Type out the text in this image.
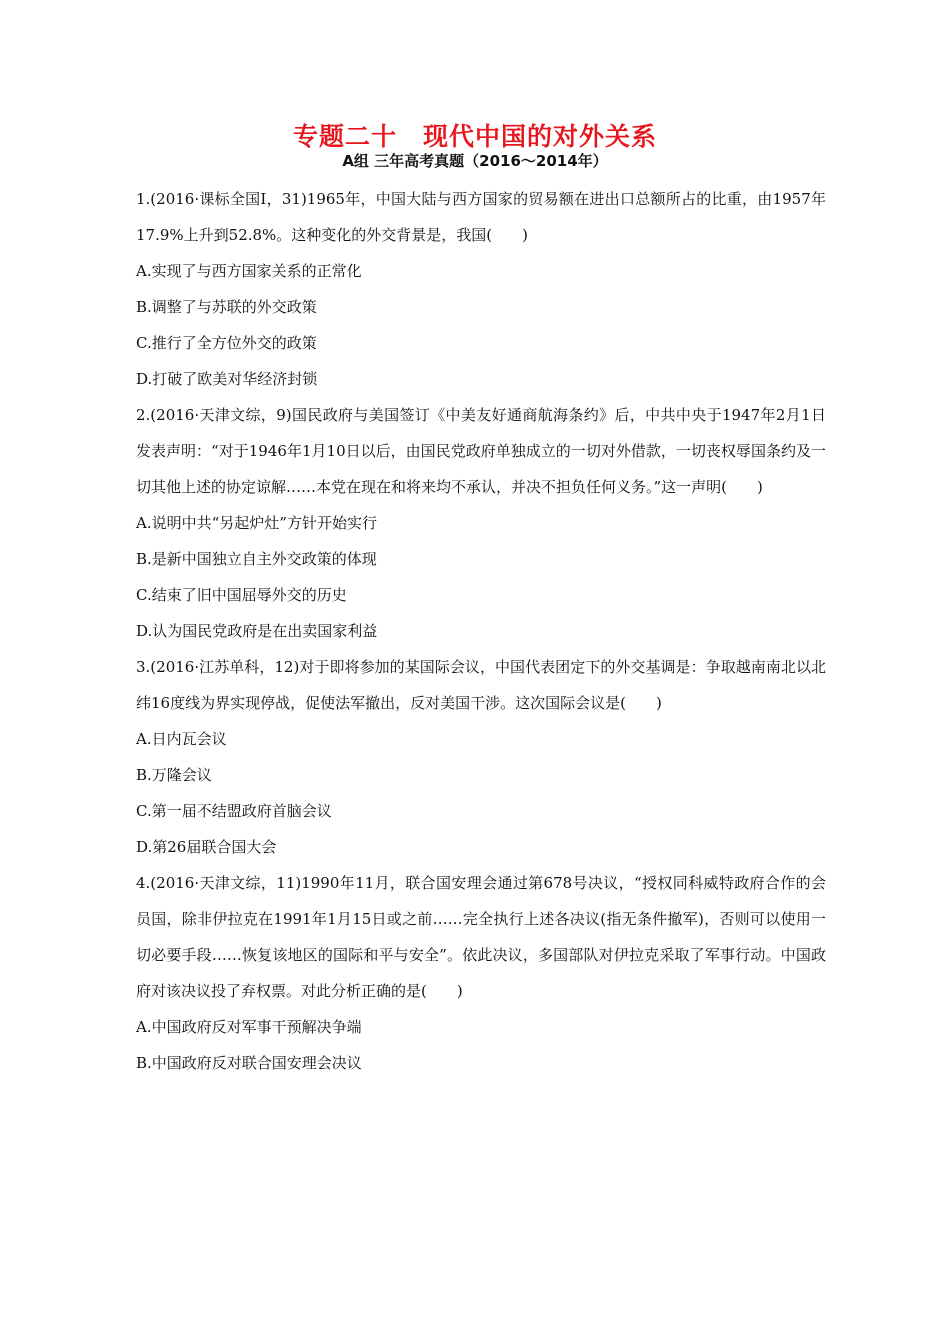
专题二十　现代中国的对外关系
A组 三年高考真题（2016～2014年）

1.(2016·课标全国Ⅰ，31)1965年，中国大陆与西方国家的贸易额在进出口总额所占的比重，由1957年17.9%上升到52.8%。这种变化的外交背景是，我国(　　)

A.实现了与西方国家关系的正常化

B.调整了与苏联的外交政策

C.推行了全方位外交的政策

D.打破了欧美对华经济封锁

2.(2016·天津文综，9)国民政府与美国签订《中美友好通商航海条约》后，中共中央于1947年2月1日发表声明：“对于1946年1月10日以后，由国民党政府单独成立的一切对外借款，一切丧权辱国条约及一切其他上述的协定谅解……本党在现在和将来均不承认，并决不担负任何义务。”这一声明(　　)

A.说明中共“另起炉灶”方针开始实行

B.是新中国独立自主外交政策的体现

C.结束了旧中国屈辱外交的历史

D.认为国民党政府是在出卖国家利益

3.(2016·江苏单科，12)对于即将参加的某国际会议，中国代表团定下的外交基调是：争取越南南北以北纬16度线为界实现停战，促使法军撤出，反对美国干涉。这次国际会议是(　　)

A.日内瓦会议

B.万隆会议

C.第一届不结盟政府首脑会议

D.第26届联合国大会

4.(2016·天津文综，11)1990年11月，联合国安理会通过第678号决议，“授权同科威特政府合作的会员国，除非伊拉克在1991年1月15日或之前……完全执行上述各决议(指无条件撤军)，否则可以使用一切必要手段……恢复该地区的国际和平与安全”。依此决议，多国部队对伊拉克采取了军事行动。中国政府对该决议投了弃权票。对此分析正确的是(　　)

A.中国政府反对军事干预解决争端

B.中国政府反对联合国安理会决议
